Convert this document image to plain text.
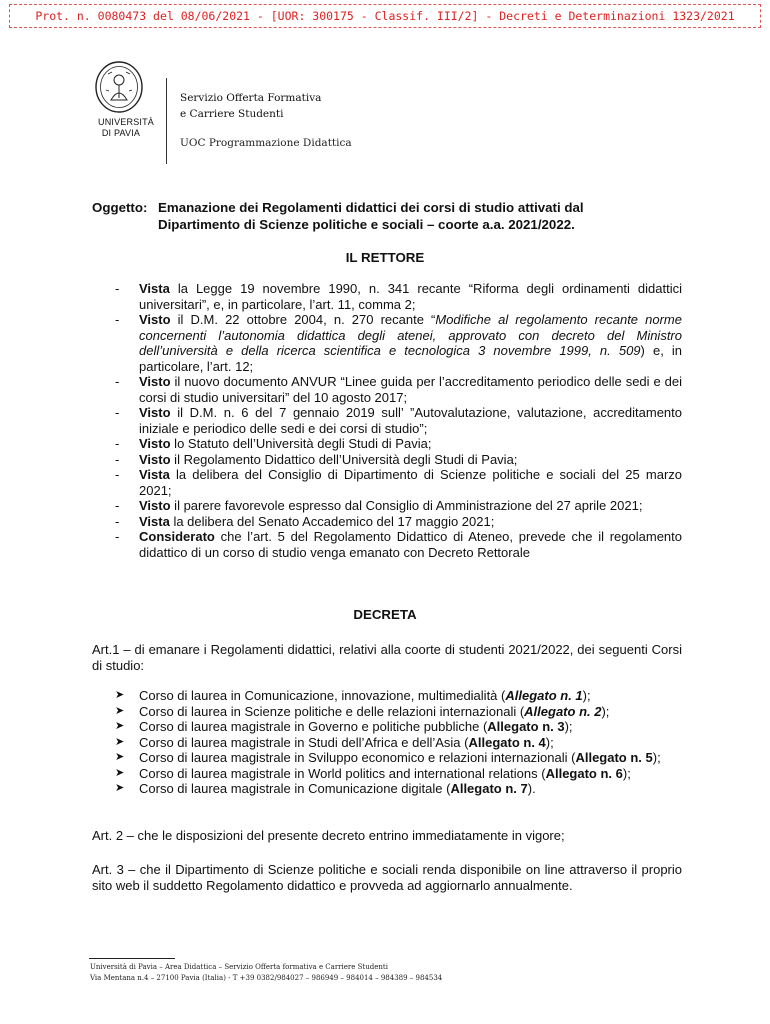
Prot. n. 0080473 del 08/06/2021 - [UOR: 300175 - Classif. III/2] - Decreti e Determinazioni 1323/2021
UNIVERSITÀ
DI PAVIA
Servizio Offerta Formativa
e Carriere Studenti
UOC Programmazione Didattica
Oggetto: Emanazione dei Regolamenti didattici dei corsi di studio attivati dal
Dipartimento di Scienze politiche e sociali – coorte a.a. 2021/2022.
IL RETTORE
-	Vista la Legge 19 novembre 1990, n. 341 recante “Riforma degli ordinamenti didattici universitari”, e, in particolare, l’art. 11, comma 2;
-	Visto il D.M. 22 ottobre 2004, n. 270 recante “Modifiche al regolamento recante norme concernenti l’autonomia didattica degli atenei, approvato con decreto del Ministro dell’università e della ricerca scientifica e tecnologica 3 novembre 1999, n. 509) e, in particolare, l’art. 12;
-	Visto il nuovo documento ANVUR “Linee guida per l’accreditamento periodico delle sedi e dei corsi di studio universitari” del 10 agosto 2017;
-	Visto il D.M. n. 6 del 7 gennaio 2019 sull’ ”Autovalutazione, valutazione, accreditamento iniziale e periodico delle sedi e dei corsi di studio”;
-	Visto lo Statuto dell’Università degli Studi di Pavia;
-	Visto il Regolamento Didattico dell’Università degli Studi di Pavia;
-	Vista la delibera del Consiglio di Dipartimento di Scienze politiche e sociali del 25 marzo 2021;
-	Visto il parere favorevole espresso dal Consiglio di Amministrazione del 27 aprile 2021;
-	Vista la delibera del Senato Accademico del 17 maggio 2021;
-	Considerato che l’art. 5 del Regolamento Didattico di Ateneo, prevede che il regolamento didattico di un corso di studio venga emanato con Decreto Rettorale
DECRETA
Art.1 – di emanare i Regolamenti didattici, relativi alla coorte di studenti 2021/2022, dei seguenti Corsi di studio:
➤	Corso di laurea in Comunicazione, innovazione, multimedialità (Allegato n. 1);
➤	Corso di laurea in Scienze politiche e delle relazioni internazionali (Allegato n. 2);
➤	Corso di laurea magistrale in Governo e politiche pubbliche (Allegato n. 3);
➤	Corso di laurea magistrale in Studi dell’Africa e dell’Asia (Allegato n. 4);
➤	Corso di laurea magistrale in Sviluppo economico e relazioni internazionali (Allegato n. 5);
➤	Corso di laurea magistrale in World politics and international relations (Allegato n. 6);
➤	Corso di laurea magistrale in Comunicazione digitale (Allegato n. 7).
Art. 2 – che le disposizioni del presente decreto entrino immediatamente in vigore;
Art. 3 – che il Dipartimento di Scienze politiche e sociali renda disponibile on line attraverso il proprio sito web il suddetto Regolamento didattico e provveda ad aggiornarlo annualmente.
Università di Pavia – Area Didattica – Servizio Offerta formativa e Carriere Studenti
Via Mentana n.4 – 27100 Pavia (Italia) - T +39 0382/984027 – 986949 – 984014 – 984389 – 984534
